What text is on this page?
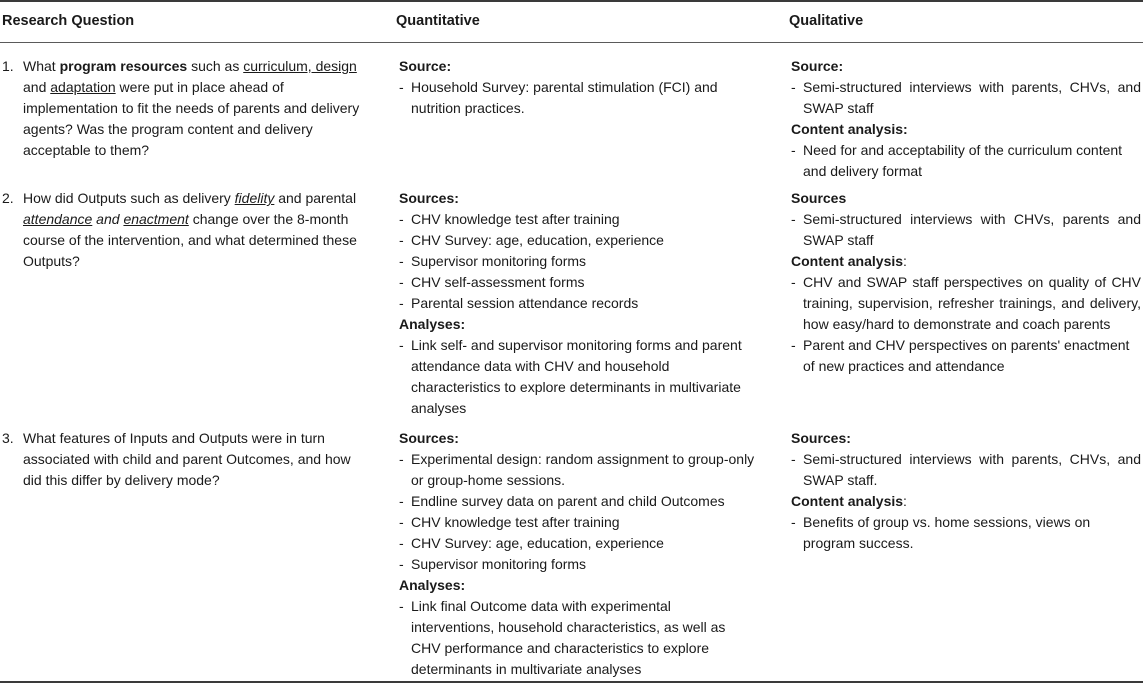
Research Question	Quantitative	Qualitative
1. What program resources such as curriculum, design and adaptation were put in place ahead of implementation to fit the needs of parents and delivery agents? Was the program content and delivery acceptable to them?
Source:
- Household Survey: parental stimulation (FCI) and nutrition practices.
Source:
- Semi-structured interviews with parents, CHVs, and SWAP staff
Content analysis:
- Need for and acceptability of the curriculum content and delivery format
2. How did Outputs such as delivery fidelity and parental attendance and enactment change over the 8-month course of the intervention, and what determined these Outputs?
Sources:
- CHV knowledge test after training
- CHV Survey: age, education, experience
- Supervisor monitoring forms
- CHV self-assessment forms
- Parental session attendance records
Analyses:
- Link self- and supervisor monitoring forms and parent attendance data with CHV and household characteristics to explore determinants in multivariate analyses
Sources
- Semi-structured interviews with CHVs, parents and SWAP staff
Content analysis:
- CHV and SWAP staff perspectives on quality of CHV training, supervision, refresher trainings, and delivery, how easy/hard to demonstrate and coach parents
- Parent and CHV perspectives on parents' enactment of new practices and attendance
3. What features of Inputs and Outputs were in turn associated with child and parent Outcomes, and how did this differ by delivery mode?
Sources:
- Experimental design: random assignment to group-only or group-home sessions.
- Endline survey data on parent and child Outcomes
- CHV knowledge test after training
- CHV Survey: age, education, experience
- Supervisor monitoring forms
Analyses:
- Link final Outcome data with experimental interventions, household characteristics, as well as CHV performance and characteristics to explore determinants in multivariate analyses
Sources:
- Semi-structured interviews with parents, CHVs, and SWAP staff.
Content analysis:
- Benefits of group vs. home sessions, views on program success.
